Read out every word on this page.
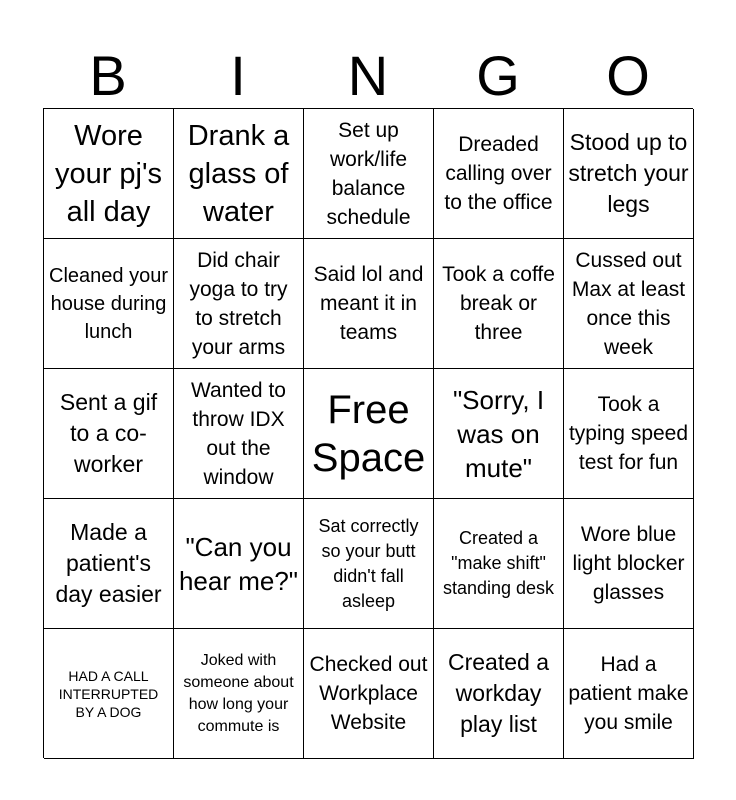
B	I	N	G	O
Wore your pj's all day
Drank a glass of water
Set up work/life balance schedule
Dreaded calling over to the office
Stood up to stretch your legs
Cleaned your house during lunch
Did chair yoga to try to stretch your arms
Said lol and meant it in teams
Took a coffe break or three
Cussed out Max at least once this week
Sent a gif to a co-worker
Wanted to throw IDX out the window
Free Space
"Sorry, I was on mute"
Took a typing speed test for fun
Made a patient's day easier
"Can you hear me?"
Sat correctly so your butt didn't fall asleep
Created a "make shift" standing desk
Wore blue light blocker glasses
HAD A CALL INTERRUPTED BY A DOG
Joked with someone about how long your commute is
Checked out Workplace Website
Created a workday play list
Had a patient make you smile
